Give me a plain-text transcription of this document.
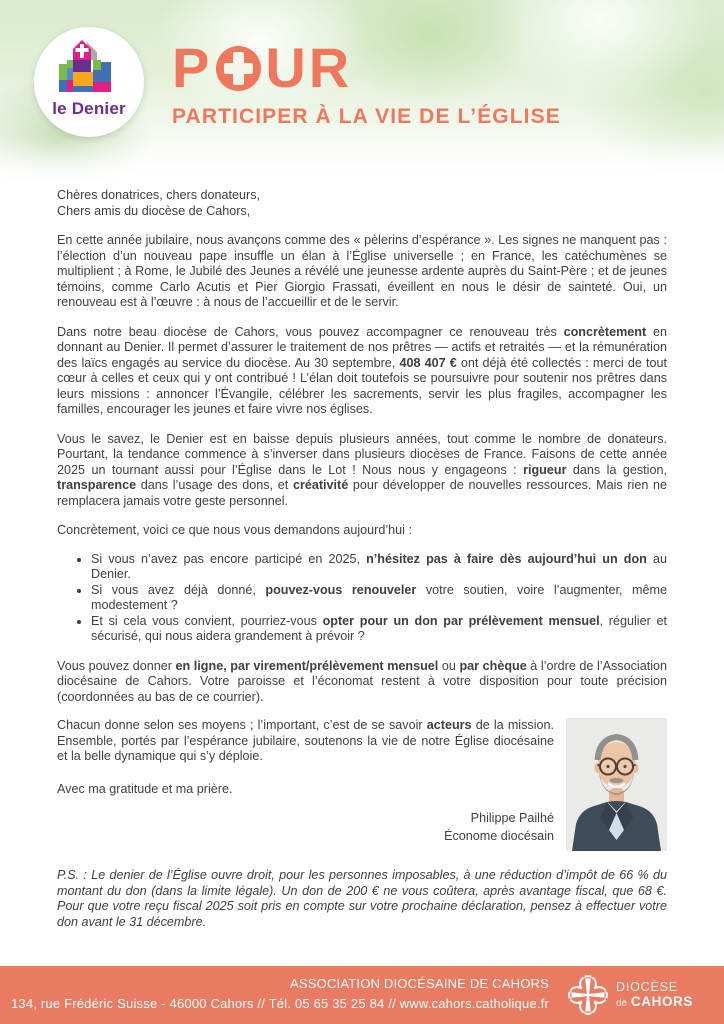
le Denier
P UR
PARTICIPER À LA VIE DE L’ÉGLISE
Chères donatrices, chers donateurs,
Chers amis du diocèse de Cahors,

En cette année jubilaire, nous avançons comme des « pèlerins d’espérance ». Les signes ne manquent pas : l’élection d’un nouveau pape insuffle un élan à l’Église universelle ; en France, les catéchumènes se multiplient ; à Rome, le Jubilé des Jeunes a révélé une jeunesse ardente auprès du Saint-Père ; et de jeunes témoins, comme Carlo Acutis et Pier Giorgio Frassati, éveillent en nous le désir de sainteté. Oui, un renouveau est à l’œuvre : à nous de l’accueillir et de le servir.

Dans notre beau diocèse de Cahors, vous pouvez accompagner ce renouveau très concrètement en donnant au Denier. Il permet d’assurer le traitement de nos prêtres — actifs et retraités — et la rémunération des laïcs engagés au service du diocèse. Au 30 septembre, 408 407 € ont déjà été collectés : merci de tout cœur à celles et ceux qui y ont contribué ! L’élan doit toutefois se poursuivre pour soutenir nos prêtres dans leurs missions : annoncer l’Évangile, célébrer les sacrements, servir les plus fragiles, accompagner les familles, encourager les jeunes et faire vivre nos églises.

Vous le savez, le Denier est en baisse depuis plusieurs années, tout comme le nombre de donateurs. Pourtant, la tendance commence à s’inverser dans plusieurs diocèses de France. Faisons de cette année 2025 un tournant aussi pour l’Église dans le Lot ! Nous nous y engageons : rigueur dans la gestion, transparence dans l’usage des dons, et créativité pour développer de nouvelles ressources. Mais rien ne remplacera jamais votre geste personnel.

Concrètement, voici ce que nous vous demandons aujourd’hui :

• Si vous n’avez pas encore participé en 2025, n’hésitez pas à faire dès aujourd’hui un don au Denier.
• Si vous avez déjà donné, pouvez-vous renouveler votre soutien, voire l’augmenter, même modestement ?
• Et si cela vous convient, pourriez-vous opter pour un don par prélèvement mensuel, régulier et sécurisé, qui nous aidera grandement à prévoir ?

Vous pouvez donner en ligne, par virement/prélèvement mensuel ou par chèque à l’ordre de l’Association diocésaine de Cahors. Votre paroisse et l’économat restent à votre disposition pour toute précision (coordonnées au bas de ce courrier).

Chacun donne selon ses moyens ; l’important, c’est de se savoir acteurs de la mission. Ensemble, portés par l’espérance jubilaire, soutenons la vie de notre Église diocésaine et la belle dynamique qui s’y déploie.

Avec ma gratitude et ma prière.

Philippe Pailhé
Économe diocésain

P.S. : Le denier de l’Église ouvre droit, pour les personnes imposables, à une réduction d’impôt de 66 % du montant du don (dans la limite légale). Un don de 200 € ne vous coûtera, après avantage fiscal, que 68 €. Pour que votre reçu fiscal 2025 soit pris en compte sur votre prochaine déclaration, pensez à effectuer votre don avant le 31 décembre.

ASSOCIATION DIOCÉSAINE DE CAHORS
134, rue Frédéric Suisse - 46000 Cahors // Tél. 05 65 35 25 84 // www.cahors.catholique.fr
DIOCÈSE
de CAHORS
